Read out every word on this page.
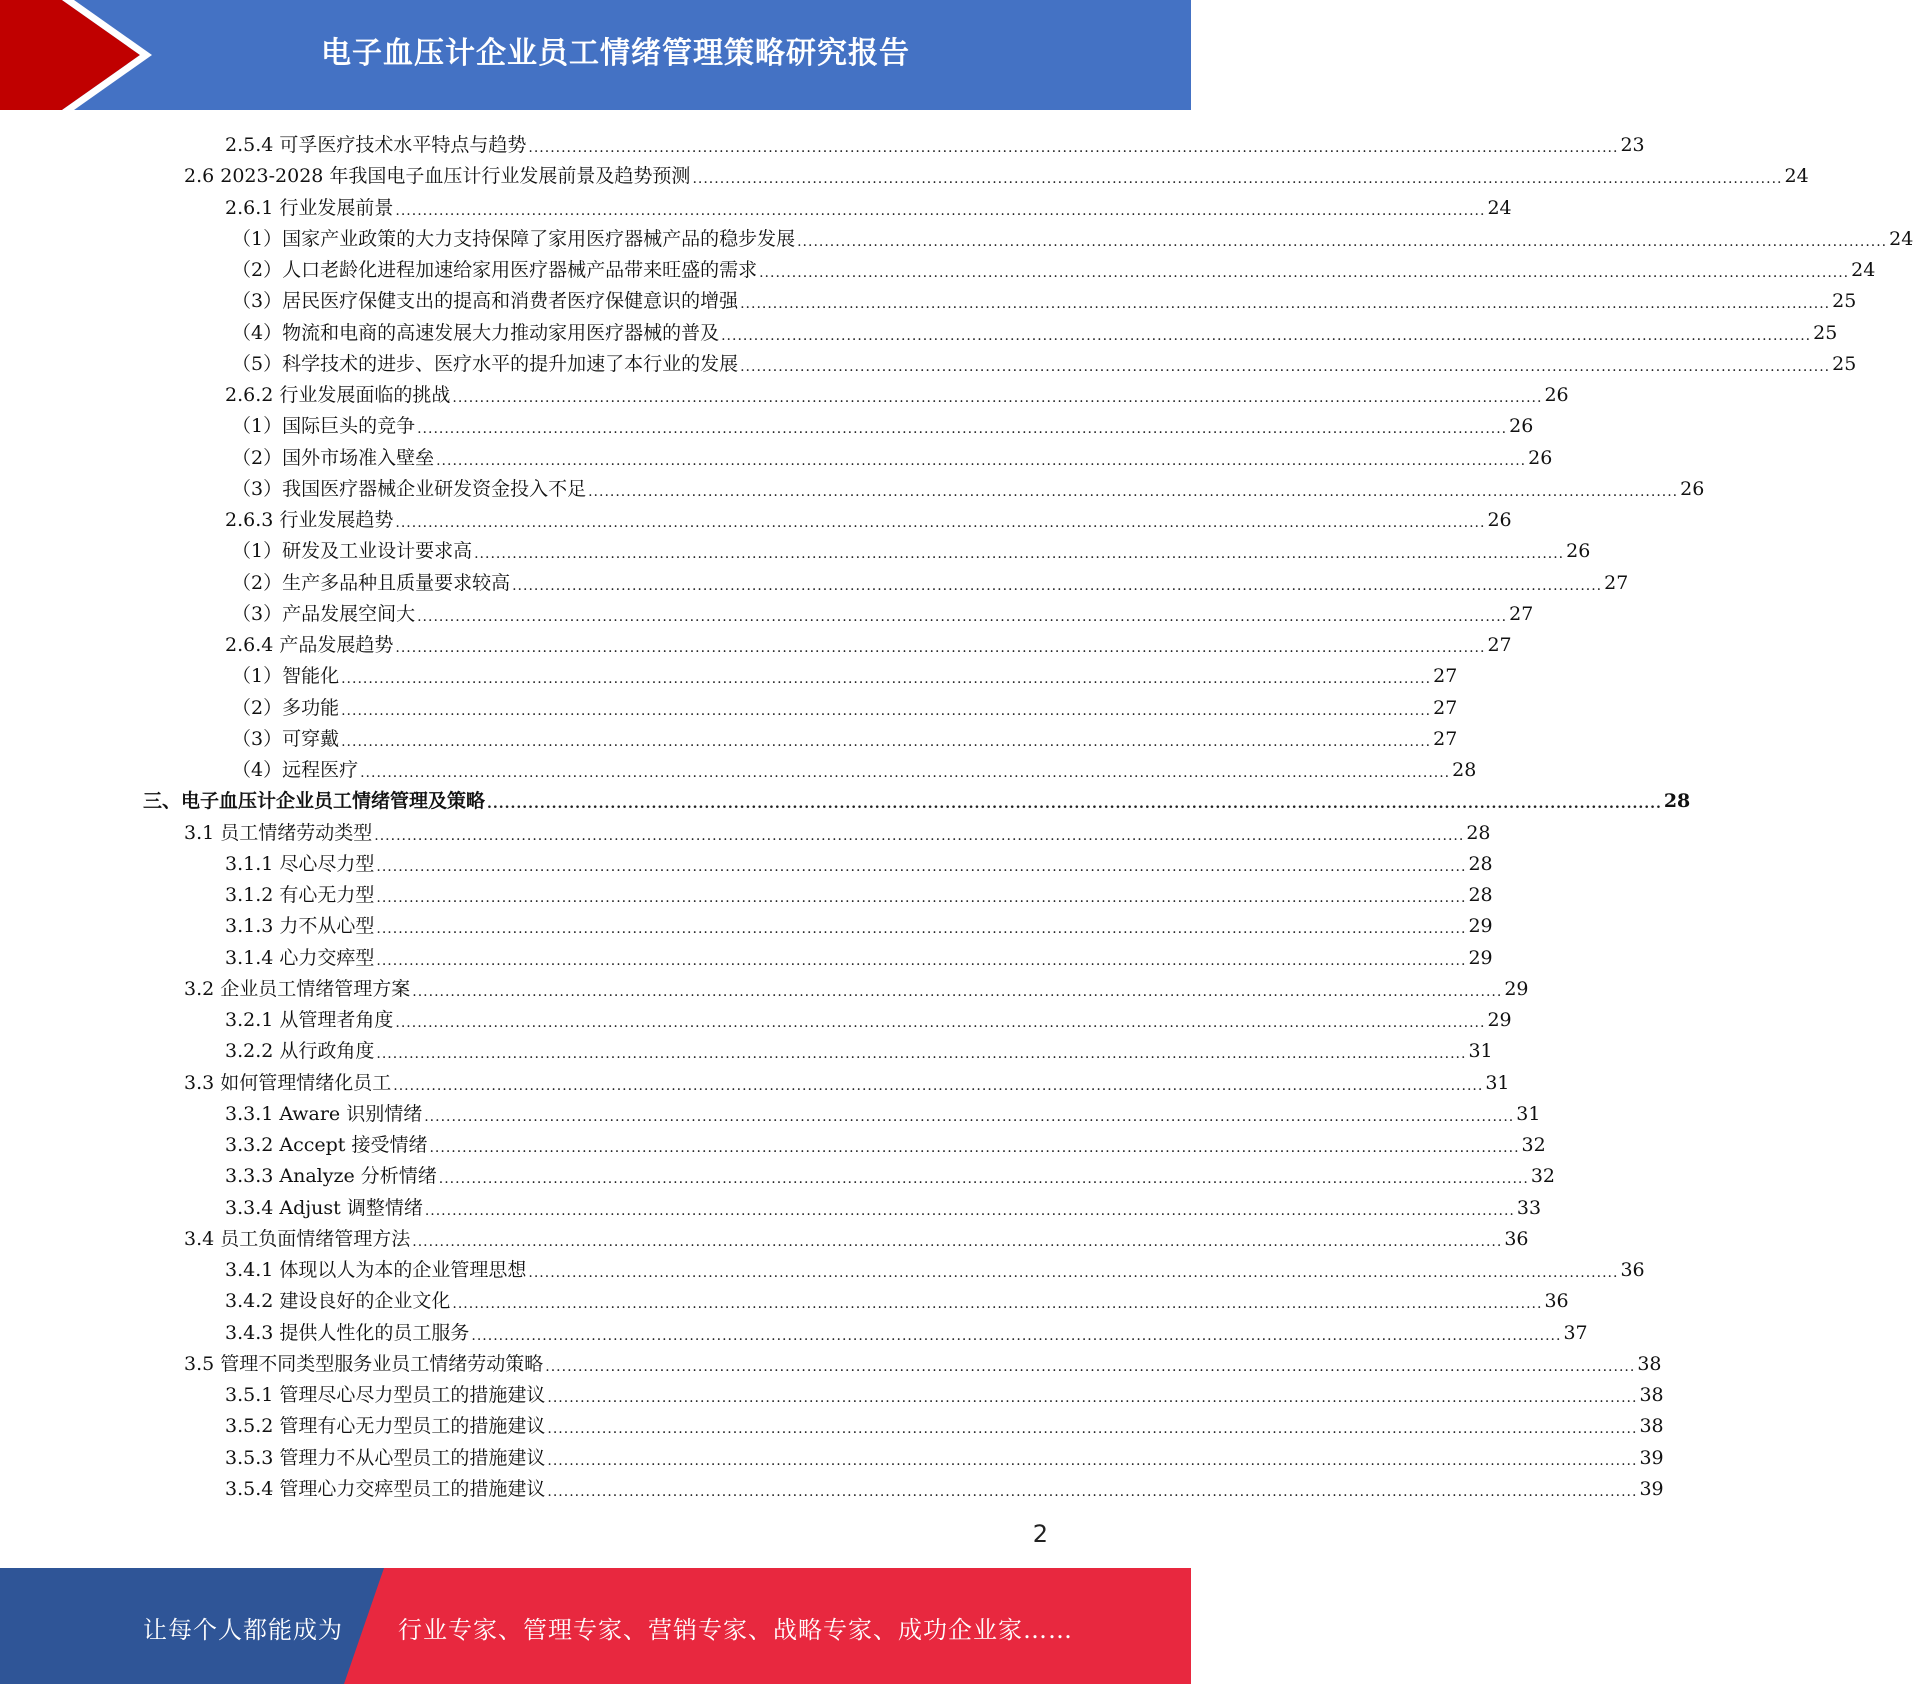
电子血压计企业员工情绪管理策略研究报告
2.5.4 可孚医疗技术水平特点与趋势 ........................................................................................................................................................................................................ 23
2.6 2023-2028 年我国电子血压计行业发展前景及趋势预测 ........................................................................................................................................................................................................ 24
2.6.1 行业发展前景 ........................................................................................................................................................................................................ 24
（1）国家产业政策的大力支持保障了家用医疗器械产品的稳步发展 ........................................................................................................................................................................................................ 24
（2）人口老龄化进程加速给家用医疗器械产品带来旺盛的需求 ........................................................................................................................................................................................................ 24
（3）居民医疗保健支出的提高和消费者医疗保健意识的增强 ........................................................................................................................................................................................................ 25
（4）物流和电商的高速发展大力推动家用医疗器械的普及 ........................................................................................................................................................................................................ 25
（5）科学技术的进步、医疗水平的提升加速了本行业的发展 ........................................................................................................................................................................................................ 25
2.6.2 行业发展面临的挑战 ........................................................................................................................................................................................................ 26
（1）国际巨头的竞争 ........................................................................................................................................................................................................ 26
（2）国外市场准入壁垒 ........................................................................................................................................................................................................ 26
（3）我国医疗器械企业研发资金投入不足 ........................................................................................................................................................................................................ 26
2.6.3 行业发展趋势 ........................................................................................................................................................................................................ 26
（1）研发及工业设计要求高 ........................................................................................................................................................................................................ 26
（2）生产多品种且质量要求较高 ........................................................................................................................................................................................................ 27
（3）产品发展空间大 ........................................................................................................................................................................................................ 27
2.6.4 产品发展趋势 ........................................................................................................................................................................................................ 27
（1）智能化 ........................................................................................................................................................................................................ 27
（2）多功能 ........................................................................................................................................................................................................ 27
（3）可穿戴 ........................................................................................................................................................................................................ 27
（4）远程医疗 ........................................................................................................................................................................................................ 28
三、电子血压计企业员工情绪管理及策略 ........................................................................................................................................................................................................ 28
3.1 员工情绪劳动类型 ........................................................................................................................................................................................................ 28
3.1.1 尽心尽力型 ........................................................................................................................................................................................................ 28
3.1.2 有心无力型 ........................................................................................................................................................................................................ 28
3.1.3 力不从心型 ........................................................................................................................................................................................................ 29
3.1.4 心力交瘁型 ........................................................................................................................................................................................................ 29
3.2 企业员工情绪管理方案 ........................................................................................................................................................................................................ 29
3.2.1 从管理者角度 ........................................................................................................................................................................................................ 29
3.2.2 从行政角度 ........................................................................................................................................................................................................ 31
3.3 如何管理情绪化员工 ........................................................................................................................................................................................................ 31
3.3.1 Aware 识别情绪 ........................................................................................................................................................................................................ 31
3.3.2 Accept 接受情绪 ........................................................................................................................................................................................................ 32
3.3.3 Analyze 分析情绪 ........................................................................................................................................................................................................ 32
3.3.4 Adjust 调整情绪 ........................................................................................................................................................................................................ 33
3.4 员工负面情绪管理方法 ........................................................................................................................................................................................................ 36
3.4.1 体现以人为本的企业管理思想 ........................................................................................................................................................................................................ 36
3.4.2 建设良好的企业文化 ........................................................................................................................................................................................................ 36
3.4.3 提供人性化的员工服务 ........................................................................................................................................................................................................ 37
3.5 管理不同类型服务业员工情绪劳动策略 ........................................................................................................................................................................................................ 38
3.5.1 管理尽心尽力型员工的措施建议 ........................................................................................................................................................................................................ 38
3.5.2 管理有心无力型员工的措施建议 ........................................................................................................................................................................................................ 38
3.5.3 管理力不从心型员工的措施建议 ........................................................................................................................................................................................................ 39
3.5.4 管理心力交瘁型员工的措施建议 ........................................................................................................................................................................................................ 39
2
让每个人都能成为 行业专家、管理专家、营销专家、战略专家、成功企业家……
